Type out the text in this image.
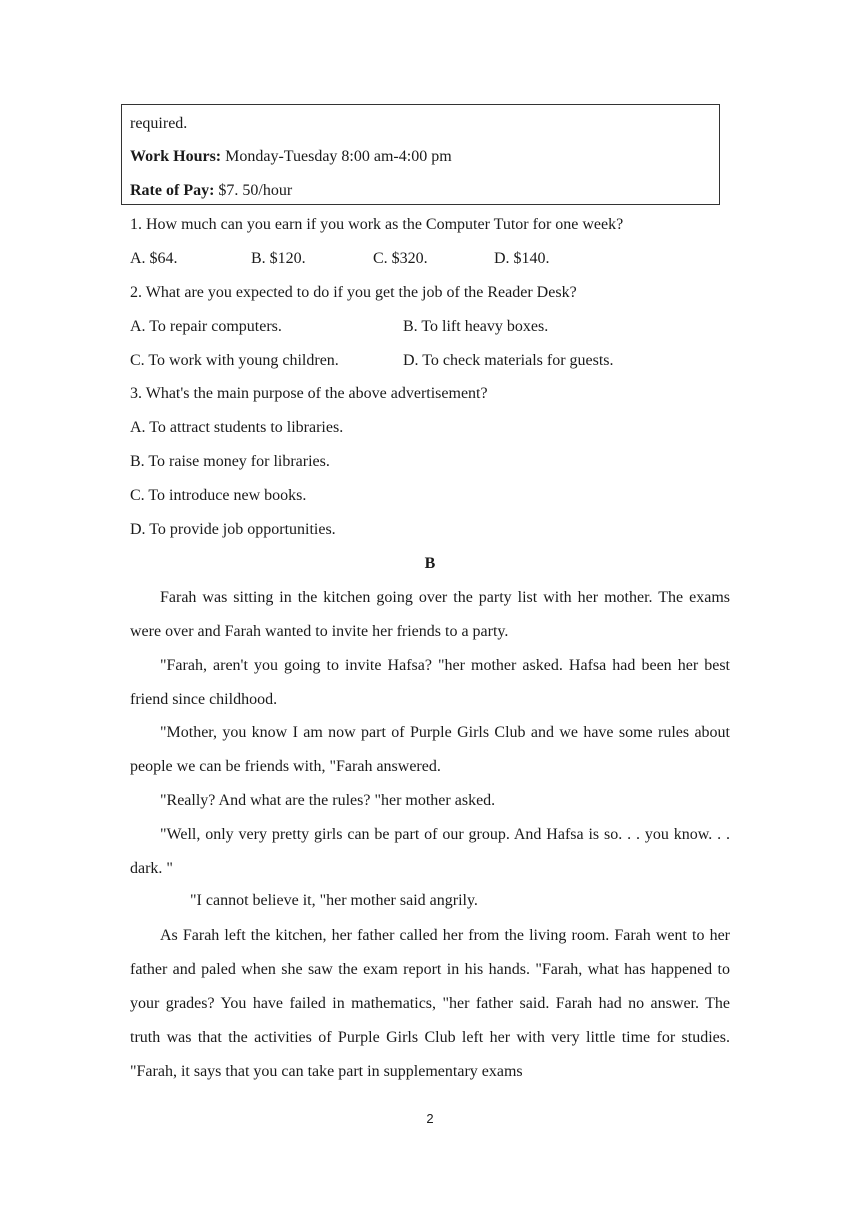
required.
Work Hours: Monday-Tuesday 8:00 am-4:00 pm
Rate of Pay: $7. 50/hour
1. How much can you earn if you work as the Computer Tutor for one week?
A. $64.	B. $120.	C. $320.	D. $140.
2. What are you expected to do if you get the job of the Reader Desk?
A. To repair computers.	B. To lift heavy boxes.
C. To work with young children.	D. To check materials for guests.
3. What's the main purpose of the above advertisement?
A. To attract students to libraries.
B. To raise money for libraries.
C. To introduce new books.
D. To provide job opportunities.
B
Farah was sitting in the kitchen going over the party list with her mother. The exams were over and Farah wanted to invite her friends to a party.
"Farah, aren't you going to invite Hafsa? "her mother asked. Hafsa had been her best friend since childhood.
"Mother, you know I am now part of Purple Girls Club and we have some rules about people we can be friends with, "Farah answered.
"Really? And what are the rules? "her mother asked.
"Well, only very pretty girls can be part of our group. And Hafsa is so. . . you know. . . dark. "
"I cannot believe it, "her mother said angrily.
As Farah left the kitchen, her father called her from the living room. Farah went to her father and paled when she saw the exam report in his hands. "Farah, what has happened to your grades? You have failed in mathematics, "her father said. Farah had no answer. The truth was that the activities of Purple Girls Club left her with very little time for studies. "Farah, it says that you can take part in supplementary exams
2
